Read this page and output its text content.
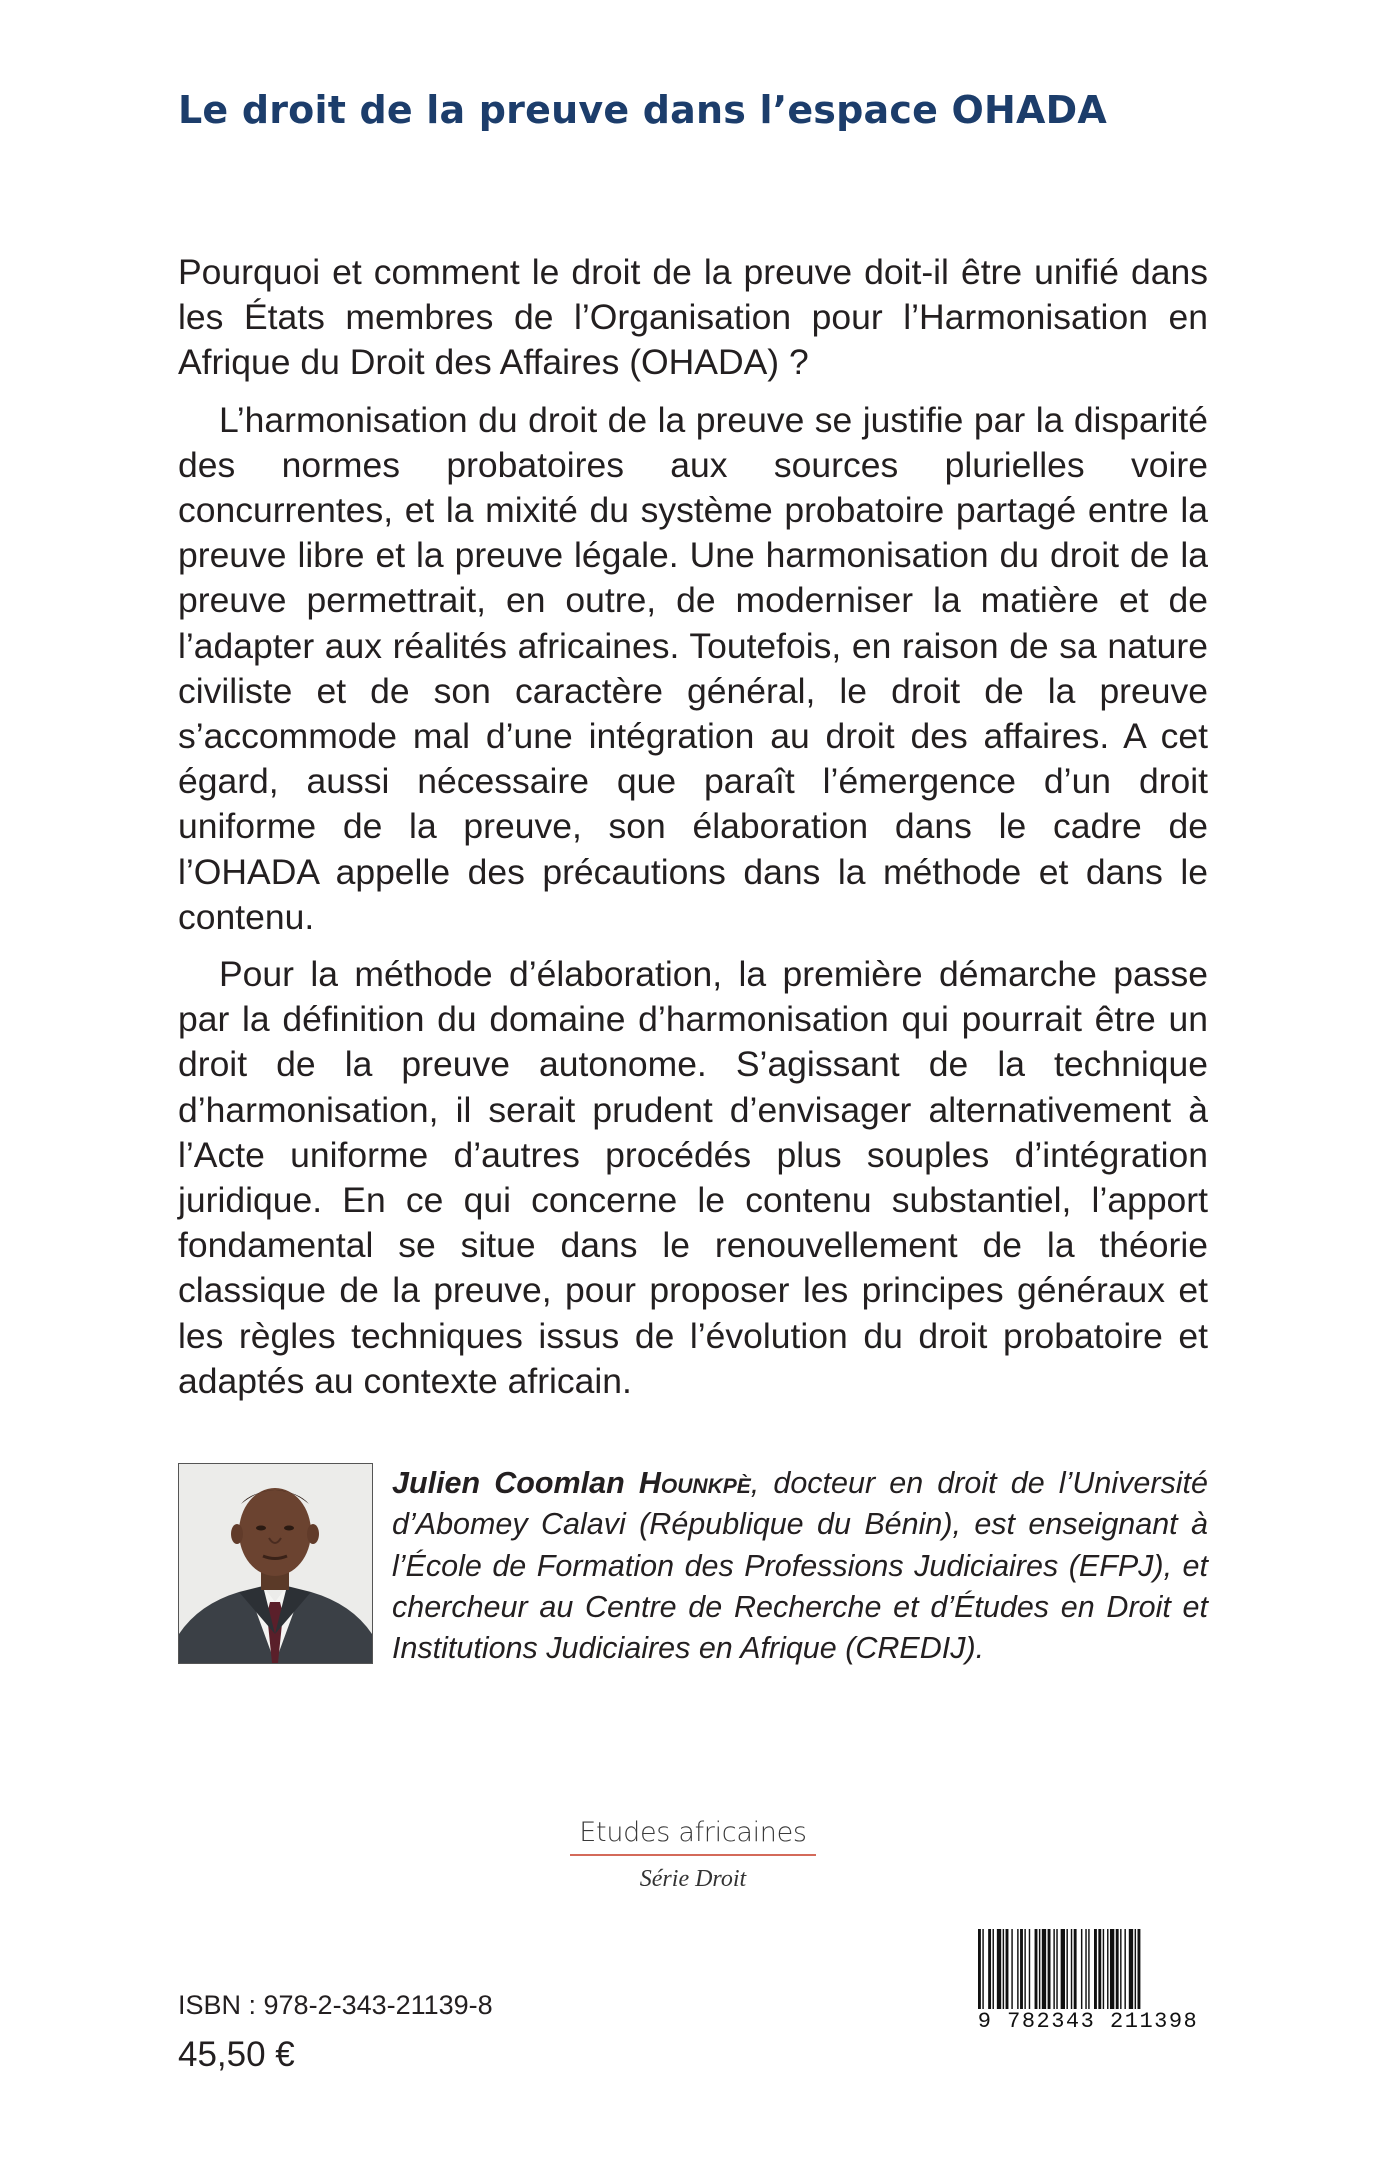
Le droit de la preuve dans l’espace OHADA

Pourquoi et comment le droit de la preuve doit-il être unifié dans les États membres de l’Organisation pour l’Harmonisation en Afrique du Droit des Affaires (OHADA) ?

L’harmonisation du droit de la preuve se justifie par la disparité des normes probatoires aux sources plurielles voire concurrentes, et la mixité du système probatoire partagé entre la preuve libre et la preuve légale. Une harmonisation du droit de la preuve permettrait, en outre, de moderniser la matière et de l’adapter aux réalités africaines. Toutefois, en raison de sa nature civiliste et de son caractère général, le droit de la preuve s’accommode mal d’une intégration au droit des affaires. A cet égard, aussi nécessaire que paraît l’émergence d’un droit uniforme de la preuve, son élaboration dans le cadre de l’OHADA appelle des précautions dans la méthode et dans le contenu.

Pour la méthode d’élaboration, la première démarche passe par la définition du domaine d’harmonisation qui pourrait être un droit de la preuve autonome. S’agissant de la technique d’harmonisation, il serait prudent d’envisager alternativement à l’Acte uniforme d’autres procédés plus souples d’intégration juridique. En ce qui concerne le contenu substantiel, l’apport fondamental se situe dans le renouvellement de la théorie classique de la preuve, pour proposer les principes généraux et les règles techniques issus de l’évolution du droit probatoire et adaptés au contexte africain.

Julien Coomlan Hounkpè, docteur en droit de l’Université d’Abomey Calavi (République du Bénin), est enseignant à l’École de Formation des Professions Judiciaires (EFPJ), et chercheur au Centre de Recherche et d’Études en Droit et Institutions Judiciaires en Afrique (CREDIJ).
Etudes africaines
Série Droit
ISBN : 978-2-343-21139-8
45,50 €
9 782343 211398
